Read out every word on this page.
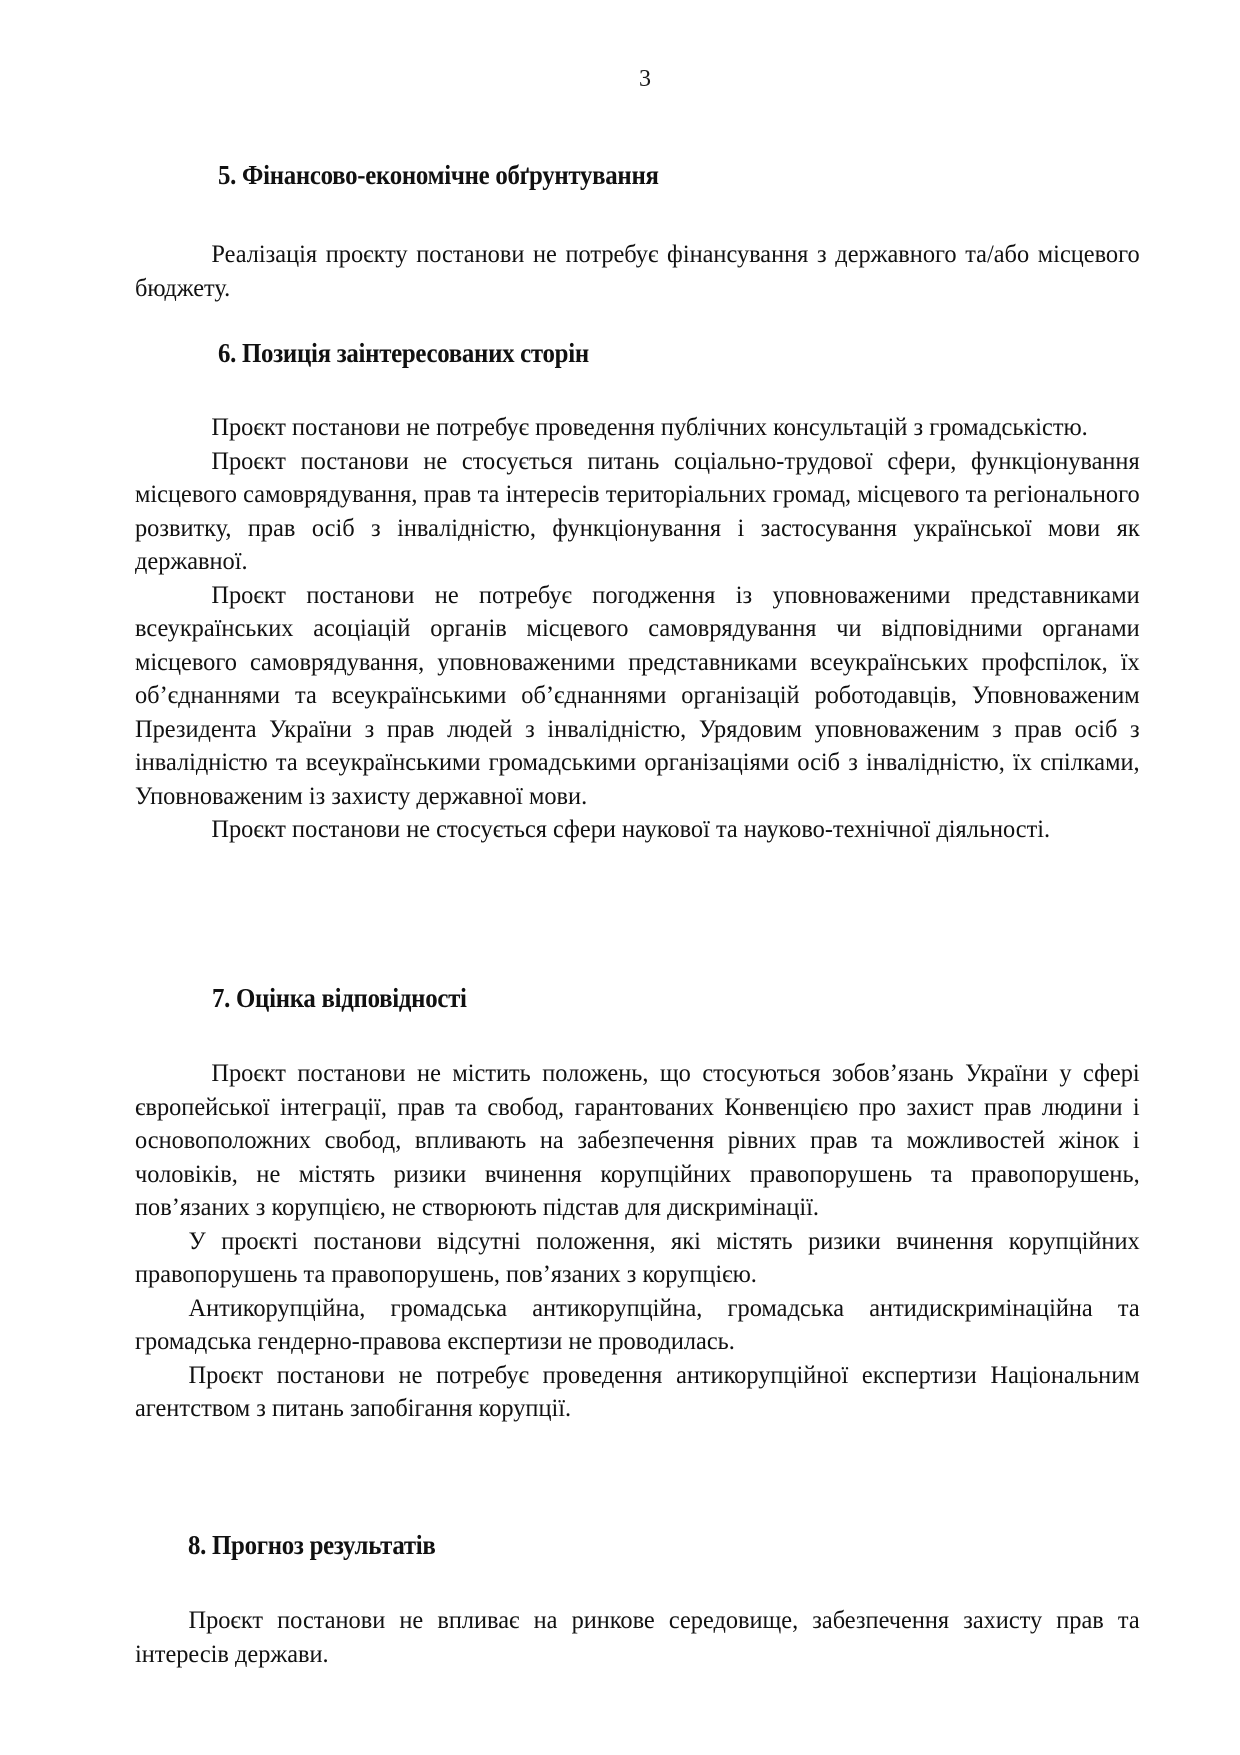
3
5. Фінансово-економічне обґрунтування

Реалізація проєкту постанови не потребує фінансування з державного та/або місцевого бюджету.

6. Позиція заінтересованих сторін

Проєкт постанови не потребує проведення публічних консультацій з громадськістю.

Проєкт постанови не стосується питань соціально-трудової сфери, функціонування місцевого самоврядування, прав та інтересів територіальних громад, місцевого та регіонального розвитку, прав осіб з інвалідністю, функціонування і застосування української мови як державної.

Проєкт постанови не потребує погодження із уповноваженими представниками всеукраїнських асоціацій органів місцевого самоврядування чи відповідними органами місцевого самоврядування, уповноваженими представниками всеукраїнських профспілок, їх об’єднаннями та всеукраїнськими об’єднаннями організацій роботодавців, Уповноваженим Президента України з прав людей з інвалідністю, Урядовим уповноваженим з прав осіб з інвалідністю та всеукраїнськими громадськими організаціями осіб з інвалідністю, їх спілками, Уповноваженим із захисту державної мови.

Проєкт постанови не стосується сфери наукової та науково-технічної діяльності.

7. Оцінка відповідності

Проєкт постанови не містить положень, що стосуються зобов’язань України у сфері європейської інтеграції, прав та свобод, гарантованих Конвенцією про захист прав людини і основоположних свобод, впливають на забезпечення рівних прав та можливостей жінок і чоловіків, не містять ризики вчинення корупційних правопорушень та правопорушень, пов’язаних з корупцією, не створюють підстав для дискримінації.

У проєкті постанови відсутні положення, які містять ризики вчинення корупційних правопорушень та правопорушень, пов’язаних з корупцією.

Антикорупційна, громадська антикорупційна, громадська антидискримінаційна та громадська гендерно-правова експертизи не проводилась.

Проєкт постанови не потребує проведення антикорупційної експертизи Національним агентством з питань запобігання корупції.

8. Прогноз результатів

Проєкт постанови не впливає на ринкове середовище, забезпечення захисту прав та інтересів держави.
